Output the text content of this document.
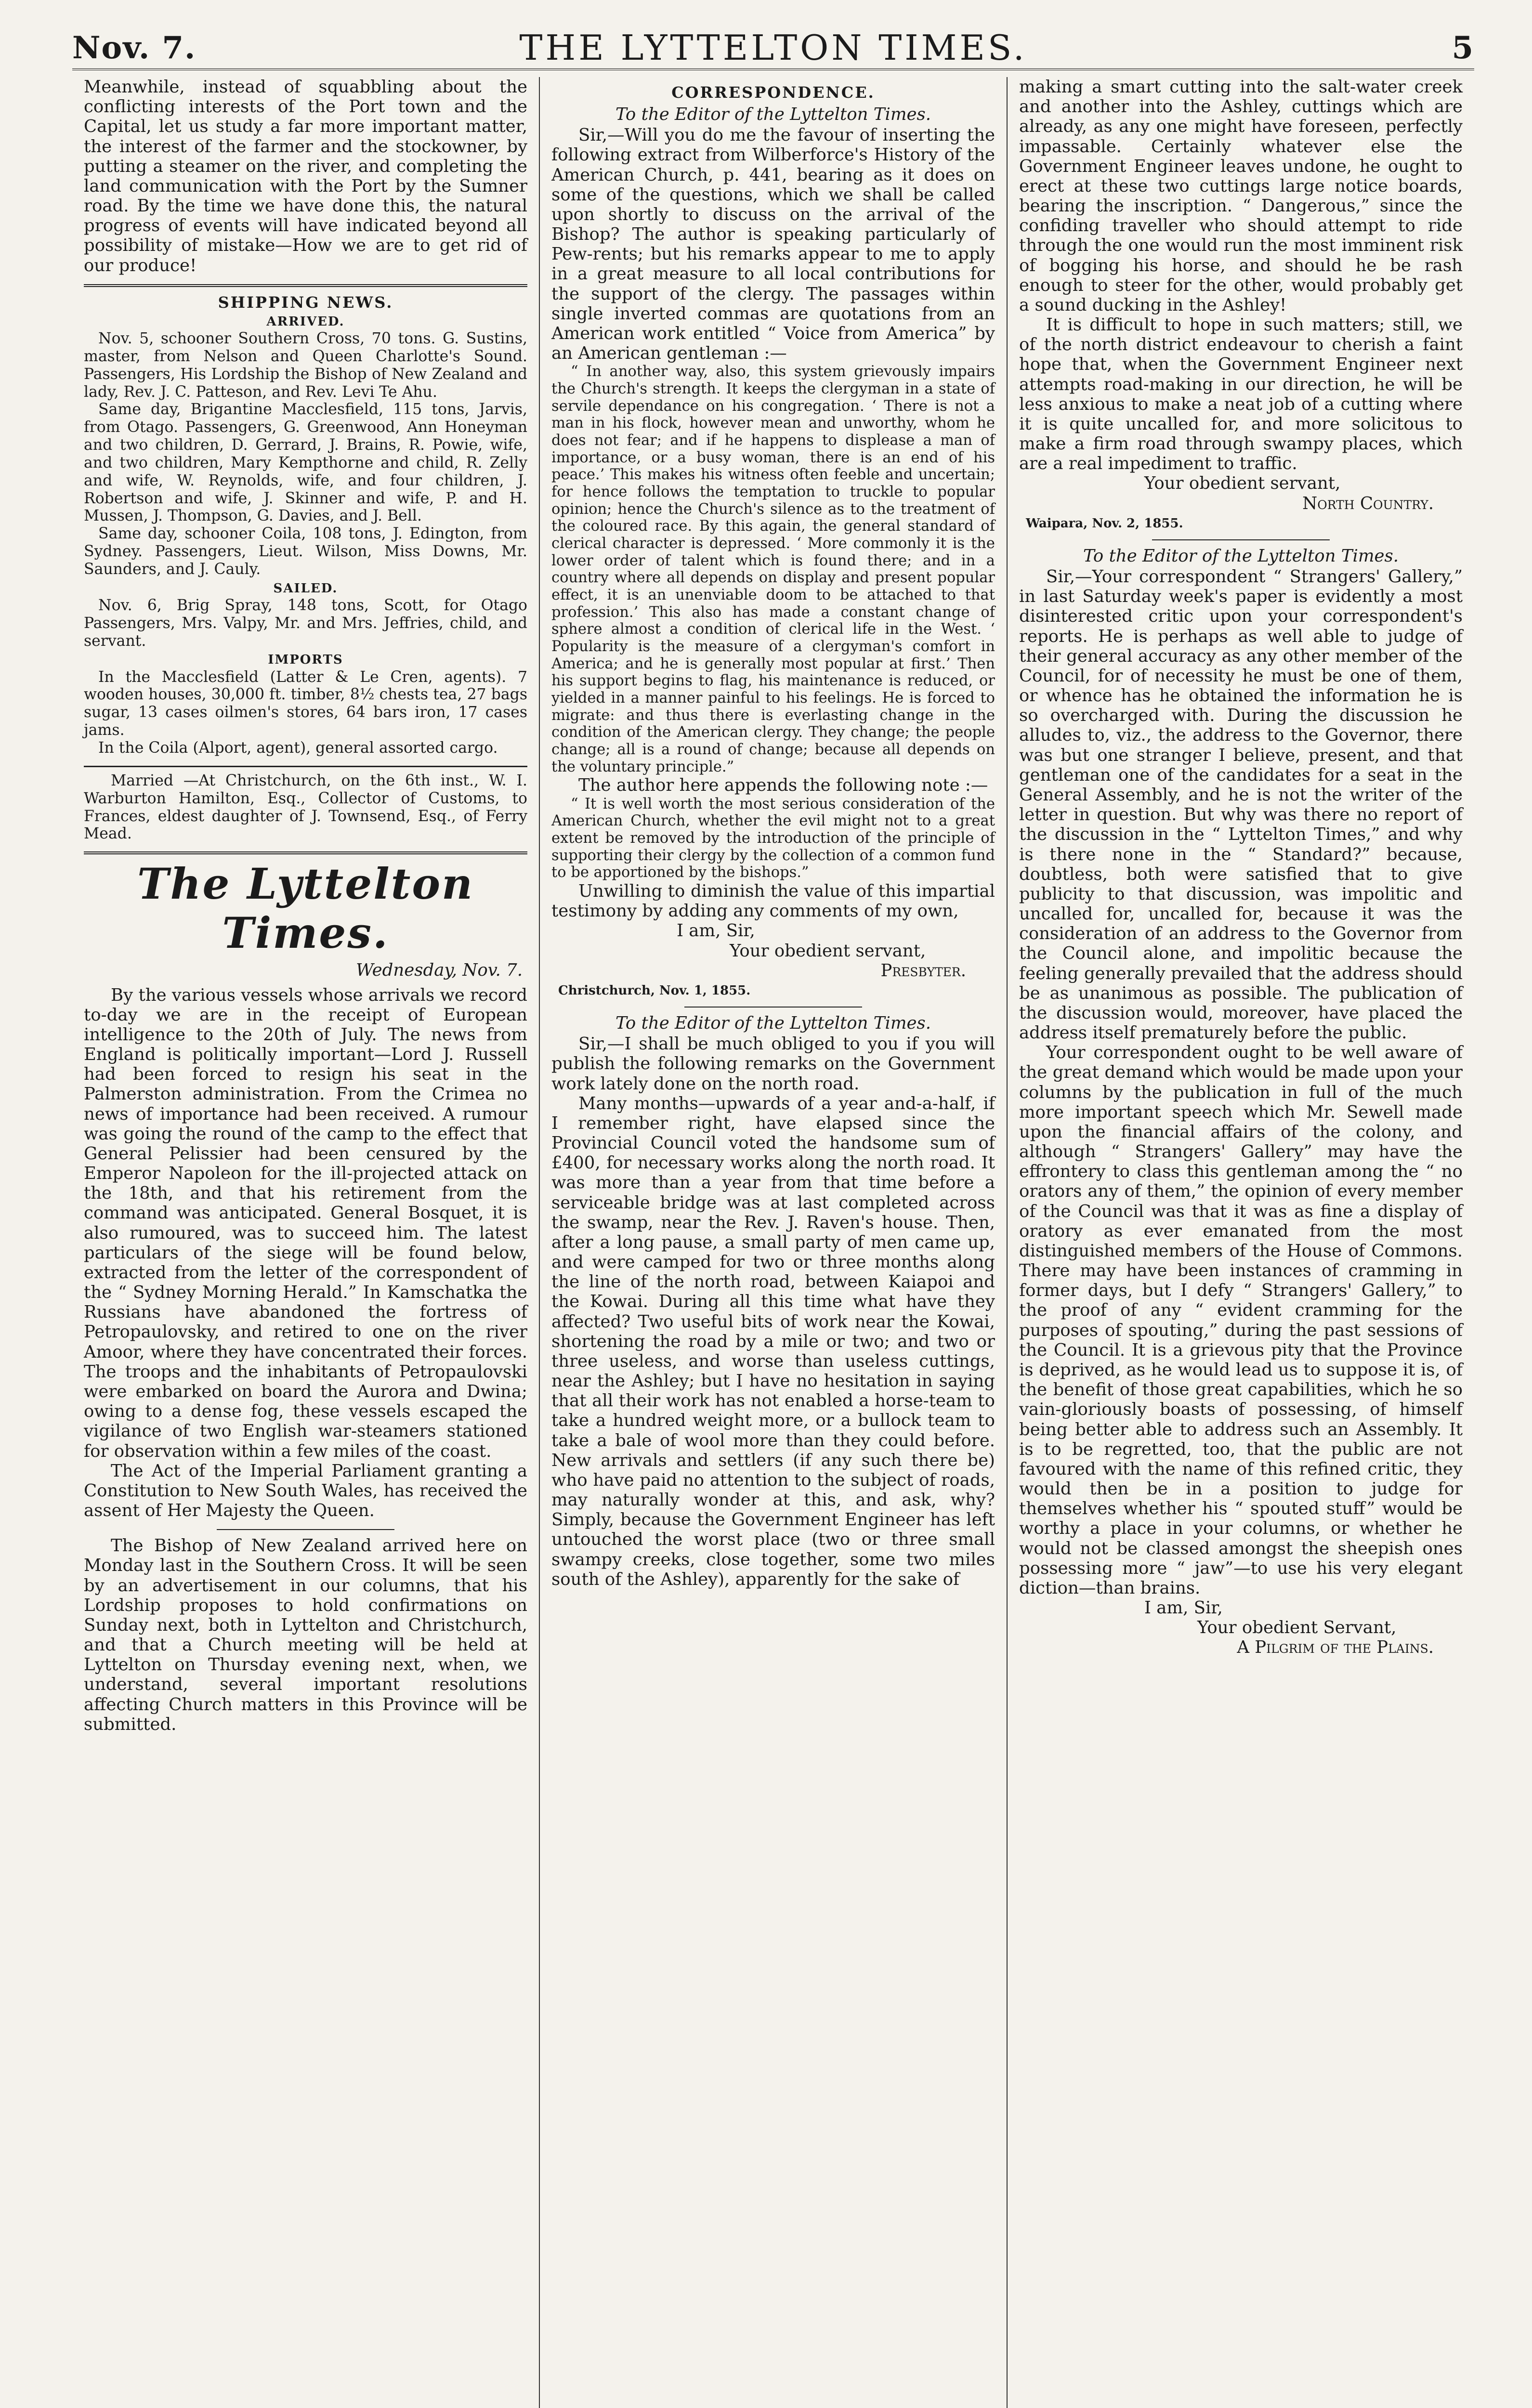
Nov. 7.	THE LYTTELTON TIMES.	5

Meanwhile, instead of squabbling about the conflicting interests of the Port town and the Capital, let us study a far more important matter, the interest of the farmer and the stockowner, by putting a steamer on the river, and completing the land communication with the Port by the Sumner road. By the time we have done this, the natural progress of events will have indicated beyond all possibility of mistake—How we are to get rid of our produce!

SHIPPING NEWS.
ARRIVED.

Nov. 5, schooner Southern Cross, 70 tons. G. Sustins, master, from Nelson and Queen Charlotte's Sound. Passengers, His Lordship the Bishop of New Zealand and lady, Rev. J. C. Patteson, and Rev. Levi Te Ahu.

Same day, Brigantine Macclesfield, 115 tons, Jarvis, from Otago. Passengers, G. Greenwood, Ann Honeyman and two children, D. Gerrard, J. Brains, R. Powie, wife, and two children, Mary Kempthorne and child, R. Zelly and wife, W. Reynolds, wife, and four children, J. Robertson and wife, J. Skinner and wife, P. and H. Mussen, J. Thompson, G. Davies, and J. Bell.

Same day, schooner Coila, 108 tons, J. Edington, from Sydney. Passengers, Lieut. Wilson, Miss Downs, Mr. Saunders, and J. Cauly.

SAILED.

Nov. 6, Brig Spray, 148 tons, Scott, for Otago Passengers, Mrs. Valpy, Mr. and Mrs. Jeffries, child, and servant.

IMPORTS

In the Macclesfield (Latter & Le Cren, agents). 7 wooden houses, 30,000 ft. timber, 8½ chests tea, 27 bags sugar, 13 cases oilmen's stores, 64 bars iron, 17 cases jams.

In the Coila (Alport, agent), general assorted cargo.

Married —At Christchurch, on the 6th inst., W. I. Warburton Hamilton, Esq., Collector of Customs, to Frances, eldest daughter of J. Townsend, Esq., of Ferry Mead.

The Lyttelton Times.
Wednesday, Nov. 7.

By the various vessels whose arrivals we record to-day we are in the receipt of European intelligence to the 20th of July. The news from England is politically important—Lord J. Russell had been forced to resign his seat in the Palmerston administration. From the Crimea no news of importance had been received. A rumour was going the round of the camp to the effect that General Pelissier had been censured by the Emperor Napoleon for the ill-projected attack on the 18th, and that his retirement from the command was anticipated. General Bosquet, it is also rumoured, was to succeed him. The latest particulars of the siege will be found below, extracted from the letter of the correspondent of the “ Sydney Morning Herald.” In Kamschatka the Russians have abandoned the fortress of Petropaulovsky, and retired to one on the river Amoor, where they have concentrated their forces. The troops and the inhabitants of Petropaulovski were embarked on board the Aurora and Dwina; owing to a dense fog, these vessels escaped the vigilance of two English war-steamers stationed for observation within a few miles of the coast.

The Act of the Imperial Parliament granting a Constitution to New South Wales, has received the assent of Her Majesty the Queen.

The Bishop of New Zealand arrived here on Monday last in the Southern Cross. It will be seen by an advertisement in our columns, that his Lordship proposes to hold confirmations on Sunday next, both in Lyttelton and Christchurch, and that a Church meeting will be held at Lyttelton on Thursday evening next, when, we understand, several important resolutions affecting Church matters in this Province will be submitted.

CORRESPONDENCE.
To the Editor of the Lyttelton Times.

Sir,—Will you do me the favour of inserting the following extract from Wilberforce's History of the American Church, p. 441, bearing as it does on some of the questions, which we shall be called upon shortly to discuss on the arrival of the Bishop? The author is speaking particularly of Pew-rents; but his remarks appear to me to apply in a great measure to all local contributions for the support of the clergy. The passages within single inverted commas are quotations from an American work entitled “ Voice from America” by an American gentleman :—

“ In another way, also, this system grievously impairs the Church's strength. It keeps the clergyman in a state of servile dependance on his congregation. ‘ There is not a man in his flock, however mean and unworthy, whom he does not fear; and if he happens to displease a man of importance, or a busy woman, there is an end of his peace.’ This makes his witness often feeble and uncertain; for hence follows the temptation to truckle to popular opinion; hence the Church's silence as to the treatment of the coloured race. By this again, the general standard of clerical character is depressed. ‘ More commonly it is the lower order of talent which is found there; and in a country where all depends on display and present popular effect, it is an unenviable doom to be attached to that profession.’ This also has made a constant change of sphere almost a condition of clerical life in the West. ‘ Popularity is the measure of a clergyman's comfort in America; and he is generally most popular at first.’ Then his support begins to flag, his maintenance is reduced, or yielded in a manner painful to his feelings. He is forced to migrate: and thus there is everlasting change in the condition of the American clergy. They change; the people change; all is a round of change; because all depends on the voluntary principle.”

The author here appends the following note :—

“ It is well worth the most serious consideration of the American Church, whether the evil might not to a great extent be removed by the introduction of the principle of supporting their clergy by the collection of a common fund to be apportioned by the bishops.”

Unwilling to diminish the value of this impartial testimony by adding any comments of my own,

I am, Sir,

Your obedient servant,

Presbyter.

Christchurch, Nov. 1, 1855.
To the Editor of the Lyttelton Times.

Sir,—I shall be much obliged to you if you will publish the following remarks on the Government work lately done on the north road.

Many months—upwards of a year and-a-half, if I remember right, have elapsed since the Provincial Council voted the handsome sum of £400, for necessary works along the north road. It was more than a year from that time before a serviceable bridge was at last completed across the swamp, near the Rev. J. Raven's house. Then, after a long pause, a small party of men came up, and were camped for two or three months along the line of the north road, between Kaiapoi and the Kowai. During all this time what have they affected? Two useful bits of work near the Kowai, shortening the road by a mile or two; and two or three useless, and worse than useless cuttings, near the Ashley; but I have no hesitation in saying that all their work has not enabled a horse-team to take a hundred weight more, or a bullock team to take a bale of wool more than they could before. New arrivals and settlers (if any such there be) who have paid no attention to the subject of roads, may naturally wonder at this, and ask, why? Simply, because the Government Engineer has left untouched the worst place (two or three small swampy creeks, close together, some two miles south of the Ashley), apparently for the sake of

making a smart cutting into the salt-water creek and another into the Ashley, cuttings which are already, as any one might have foreseen, perfectly impassable. Certainly whatever else the Government Engineer leaves undone, he ought to erect at these two cuttings large notice boards, bearing the inscription. “ Dangerous,” since the confiding traveller who should attempt to ride through the one would run the most imminent risk of bogging his horse, and should he be rash enough to steer for the other, would probably get a sound ducking in the Ashley!

It is difficult to hope in such matters; still, we of the north district endeavour to cherish a faint hope that, when the Government Engineer next attempts road-making in our direction, he will be less anxious to make a neat job of a cutting where it is quite uncalled for, and more solicitous to make a firm road through swampy places, which are a real impediment to traffic.

Your obedient servant,

North Country.

Waipara, Nov. 2, 1855.
To the Editor of the Lyttelton Times.

Sir,—Your correspondent “ Strangers' Gallery,” in last Saturday week's paper is evidently a most disinterested critic upon your correspondent's reports. He is perhaps as well able to judge of their general accuracy as any other member of the Council, for of necessity he must be one of them, or whence has he obtained the information he is so overcharged with. During the discussion he alludes to, viz., the address to the Governor, there was but one stranger I believe, present, and that gentleman one of the candidates for a seat in the General Assembly, and he is not the writer of the letter in question. But why was there no report of the discussion in the “ Lyttelton Times,” and why is there none in the “ Standard?” because, doubtless, both were satisfied that to give publicity to that discussion, was impolitic and uncalled for, uncalled for, because it was the consideration of an address to the Governor from the Council alone, and impolitic because the feeling generally prevailed that the address should be as unanimous as possible. The publication of the discussion would, moreover, have placed the address itself prematurely before the public.

Your correspondent ought to be well aware of the great demand which would be made upon your columns by the publication in full of the much more important speech which Mr. Sewell made upon the financial affairs of the colony, and although “ Strangers' Gallery” may have the effrontery to class this gentleman among the “ no orators any of them,” the opinion of every member of the Council was that it was as fine a display of oratory as ever emanated from the most distinguished members of the House of Commons. There may have been instances of cramming in former days, but I defy “ Strangers' Gallery,” to the proof of any “ evident cramming for the purposes of spouting,” during the past sessions of the Council. It is a grievous pity that the Province is deprived, as he would lead us to suppose it is, of the benefit of those great capabilities, which he so vain-gloriously boasts of possessing, of himself being better able to address such an Assembly. It is to be regretted, too, that the public are not favoured with the name of this refined critic, they would then be in a position to judge for themselves whether his “ spouted stuff” would be worthy a place in your columns, or whether he would not be classed amongst the sheepish ones possessing more “ jaw”—to use his very elegant diction—than brains.

I am, Sir,

Your obedient Servant,

A Pilgrim of the Plains.
